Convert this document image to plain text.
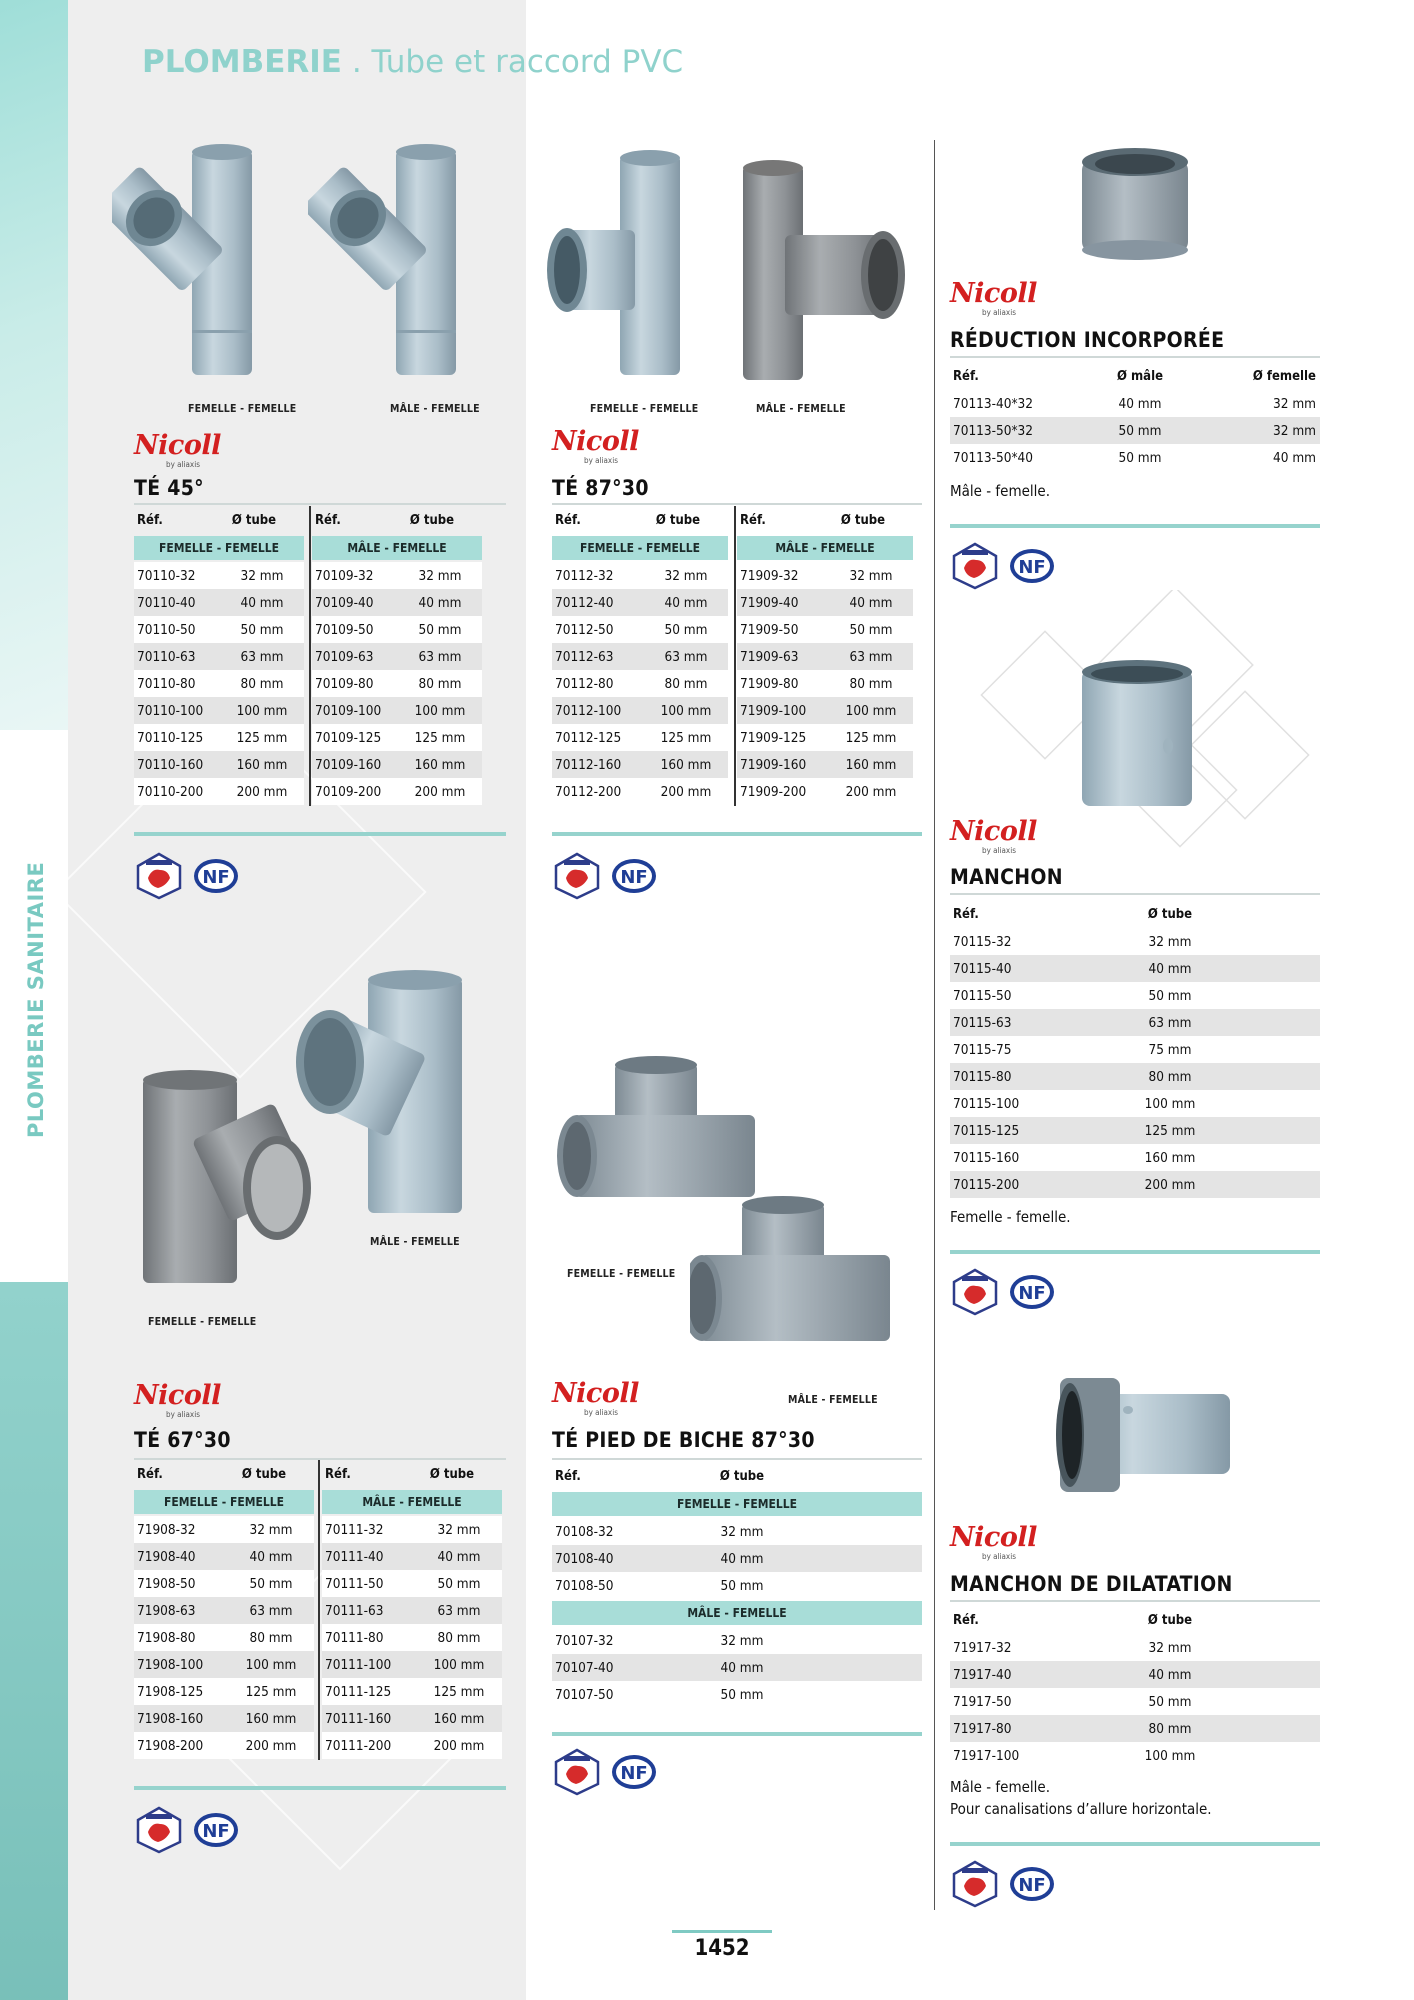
PLOMBERIE SANITAIRE
PLOMBERIE . Tube et raccord PVC
FEMELLE - FEMELLE	MÂLE - FEMELLE
Nicoll
by aliaxis
TÉ 45°
Réf.	Ø tube
FEMELLE - FEMELLE
70110-32	32 mm
70110-40	40 mm
70110-50	50 mm
70110-63	63 mm
70110-80	80 mm
70110-100	100 mm
70110-125	125 mm
70110-160	160 mm
70110-200	200 mm
Réf.	Ø tube
MÂLE - FEMELLE
70109-32	32 mm
70109-40	40 mm
70109-50	50 mm
70109-63	63 mm
70109-80	80 mm
70109-100	100 mm
70109-125	125 mm
70109-160	160 mm
70109-200	200 mm
NF
FEMELLE - FEMELLE	MÂLE - FEMELLE
Nicoll
by aliaxis
TÉ 87°30
Réf.	Ø tube
FEMELLE - FEMELLE
70112-32	32 mm
70112-40	40 mm
70112-50	50 mm
70112-63	63 mm
70112-80	80 mm
70112-100	100 mm
70112-125	125 mm
70112-160	160 mm
70112-200	200 mm
Réf.	Ø tube
MÂLE - FEMELLE
71909-32	32 mm
71909-40	40 mm
71909-50	50 mm
71909-63	63 mm
71909-80	80 mm
71909-100	100 mm
71909-125	125 mm
71909-160	160 mm
71909-200	200 mm
NF
Nicoll
by aliaxis
RÉDUCTION INCORPORÉE
Réf.	Ø mâle	Ø femelle
70113-40*32	40 mm	32 mm
70113-50*32	50 mm	32 mm
70113-50*40	50 mm	40 mm
Mâle - femelle.
NF
Nicoll
by aliaxis
MANCHON
Réf.	Ø tube
70115-32	32 mm
70115-40	40 mm
70115-50	50 mm
70115-63	63 mm
70115-75	75 mm
70115-80	80 mm
70115-100	100 mm
70115-125	125 mm
70115-160	160 mm
70115-200	200 mm
Femelle - femelle.
NF
MÂLE - FEMELLE
FEMELLE - FEMELLE
Nicoll
by aliaxis
TÉ 67°30
Réf.	Ø tube
FEMELLE - FEMELLE
71908-32	32 mm
71908-40	40 mm
71908-50	50 mm
71908-63	63 mm
71908-80	80 mm
71908-100	100 mm
71908-125	125 mm
71908-160	160 mm
71908-200	200 mm
Réf.	Ø tube
MÂLE - FEMELLE
70111-32	32 mm
70111-40	40 mm
70111-50	50 mm
70111-63	63 mm
70111-80	80 mm
70111-100	100 mm
70111-125	125 mm
70111-160	160 mm
70111-200	200 mm
NF
FEMELLE - FEMELLE
MÂLE - FEMELLE
Nicoll
by aliaxis
TÉ PIED DE BICHE 87°30
Réf.	Ø tube
FEMELLE - FEMELLE
70108-32	32 mm
70108-40	40 mm
70108-50	50 mm
MÂLE - FEMELLE
70107-32	32 mm
70107-40	40 mm
70107-50	50 mm
NF
Nicoll
by aliaxis
MANCHON DE DILATATION
Réf.	Ø tube
71917-32	32 mm
71917-40	40 mm
71917-50	50 mm
71917-80	80 mm
71917-100	100 mm
Mâle - femelle.
Pour canalisations d’allure horizontale.
NF
1452
